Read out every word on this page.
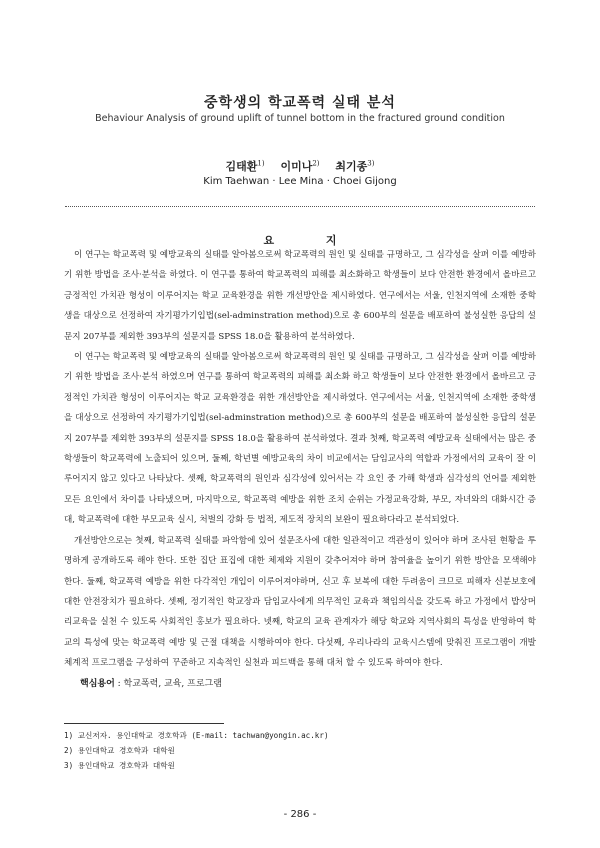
중학생의 학교폭력 실태 분석
Behaviour Analysis of ground uplift of tunnel bottom in the fractured ground condition
김태환$^{1)}$ 이미나$^{2)}$ 최기종$^{3)}$
Kim Taehwan · Lee Mina · Choei Gijong
요 지

이 연구는 학교폭력 및 예방교육의 실태를 알아봄으로써 학교폭력의 원인 및 실태를 규명하고, 그 심각성을 살펴 이를 예방하기 위한 방법을 조사·분석을 하였다. 이 연구를 통하여 학교폭력의 피해를 최소화하고 학생들이 보다 안전한 환경에서 올바르고 긍정적인 가치관 형성이 이루어지는 학교 교육환경을 위한 개선방안을 제시하였다. 연구에서는 서울, 인천지역에 소재한 중학생을 대상으로 선정하여 자기평가기입법(sel-adminstration method)으로 총 600부의 설문을 배포하여 불성실한 응답의 설문지 207부를 제외한 393부의 설문지를 SPSS 18.0을 활용하여 분석하였다.

이 연구는 학교폭력 및 예방교육의 실태를 알아봄으로써 학교폭력의 원인 및 실태를 규명하고, 그 심각성을 살펴 이를 예방하기 위한 방법을 조사·분석 하였으며 연구를 통하여 학교폭력의 피해를 최소화 하고 학생들이 보다 안전한 환경에서 올바르고 긍정적인 가치관 형성이 이루어지는 학교 교육환경을 위한 개선방안을 제시하였다. 연구에서는 서울, 인천지역에 소재한 중학생을 대상으로 선정하여 자기평가기입법(sel-adminstration method)으로 총 600부의 설문을 배포하여 불성실한 응답의 설문지 207부를 제외한 393부의 설문지를 SPSS 18.0을 활용하여 분석하였다. 결과 첫째, 학교폭력 예방교육 실태에서는 많은 중학생들이 학교폭력에 노출되어 있으며, 둘째, 학년별 예방교육의 차이 비교에서는 담임교사의 역할과 가정에서의 교육이 잘 이루어지지 않고 있다고 나타났다. 셋째, 학교폭력의 원인과 심각성에 있어서는 각 요인 중 가해 학생과 심각성의 언어를 제외한 모든 요인에서 차이를 나타냈으며, 마지막으로, 학교폭력 예방을 위한 조치 순위는 가정교육강화, 부모, 자녀와의 대화시간 증대, 학교폭력에 대한 부모교육 실시, 처벌의 강화 등 법적, 제도적 장치의 보완이 필요하다라고 분석되었다.

개선방안으로는 첫째, 학교폭력 실태를 파악함에 있어 설문조사에 대한 일관적이고 객관성이 있어야 하며 조사된 현황을 투명하게 공개하도록 해야 한다. 또한 집단 표집에 대한 체제와 지원이 갖추어져야 하며 참여율을 높이기 위한 방안을 모색해야 한다. 둘째, 학교폭력 예방을 위한 다각적인 개입이 이루어져야하며, 신고 후 보복에 대한 두려움이 크므로 피해자 신분보호에 대한 안전장치가 필요하다. 셋째, 정기적인 학교장과 담임교사에게 의무적인 교육과 책임의식을 갖도록 하고 가정에서 밥상머리교육을 실천 수 있도록 사회적인 홍보가 필요하다. 넷째, 학교의 교육 관계자가 해당 학교와 지역사회의 특성을 반영하여 학교의 특성에 맞는 학교폭력 예방 및 근절 대책을 시행하여야 한다. 다섯째, 우리나라의 교육시스템에 맞춰진 프로그램이 개발 체계적 프로그램을 구성하여 꾸준하고 지속적인 실천과 피드백을 통해 대처 할 수 있도록 하여야 한다.

핵심용어 : 학교폭력, 교육, 프로그램
1) 교신저자. 용인대학교 경호학과 (E-mail: tachwan@yongin.ac.kr)
2) 용인대학교 경호학과 대학원
3) 용인대학교 경호학과 대학원
- 286 -
